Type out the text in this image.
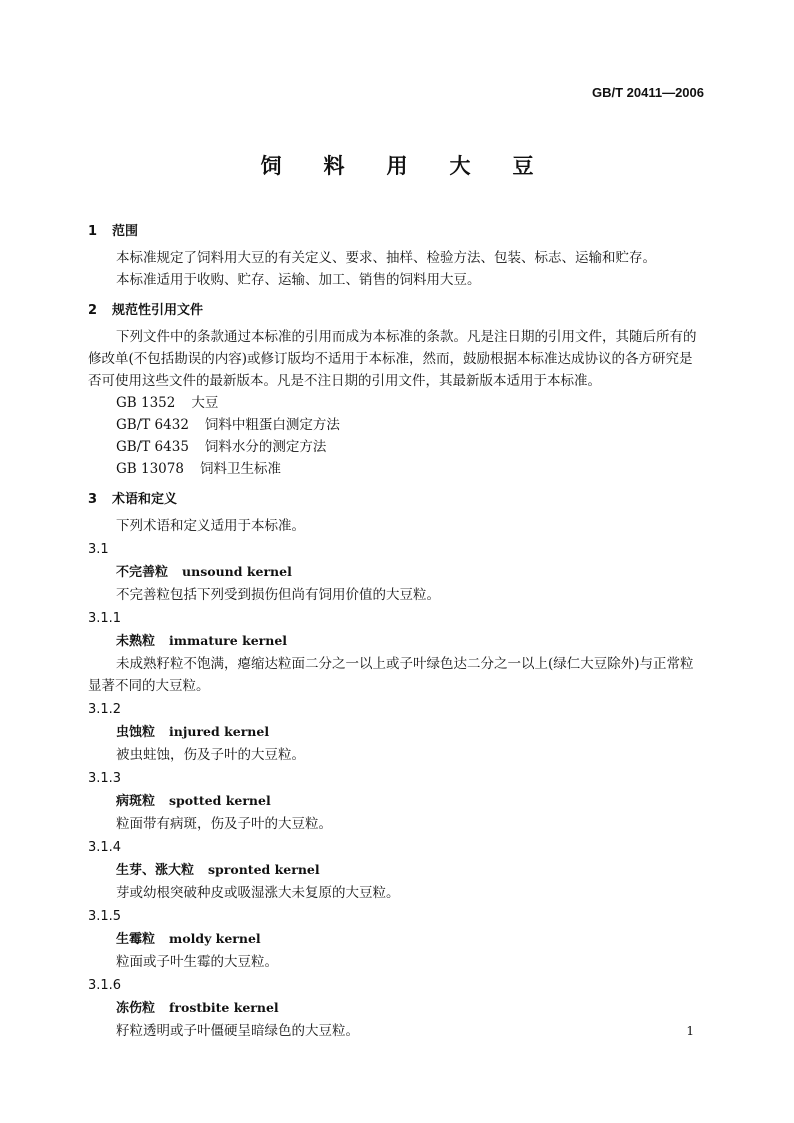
GB/T 20411—2006
饲料用大豆
1 范围

本标准规定了饲料用大豆的有关定义、要求、抽样、检验方法、包装、标志、运输和贮存。

本标准适用于收购、贮存、运输、加工、销售的饲料用大豆。

2 规范性引用文件

下列文件中的条款通过本标准的引用而成为本标准的条款。凡是注日期的引用文件，其随后所有的修改单(不包括勘误的内容)或修订版均不适用于本标准，然而，鼓励根据本标准达成协议的各方研究是否可使用这些文件的最新版本。凡是不注日期的引用文件，其最新版本适用于本标准。

GB 1352 大豆
GB/T 6432 饲料中粗蛋白测定方法
GB/T 6435 饲料水分的测定方法
GB 13078 饲料卫生标准
3 术语和定义

下列术语和定义适用于本标准。

3.1
不完善粒 unsound kernel

不完善粒包括下列受到损伤但尚有饲用价值的大豆粒。

3.1.1
未熟粒 immature kernel

未成熟籽粒不饱满，瘪缩达粒面二分之一以上或子叶绿色达二分之一以上(绿仁大豆除外)与正常粒显著不同的大豆粒。

3.1.2
虫蚀粒 injured kernel

被虫蛀蚀，伤及子叶的大豆粒。

3.1.3
病斑粒 spotted kernel

粒面带有病斑，伤及子叶的大豆粒。

3.1.4
生芽、涨大粒 spronted kernel

芽或幼根突破种皮或吸湿涨大未复原的大豆粒。

3.1.5
生霉粒 moldy kernel

粒面或子叶生霉的大豆粒。

3.1.6
冻伤粒 frostbite kernel

籽粒透明或子叶僵硬呈暗绿色的大豆粒。	1
